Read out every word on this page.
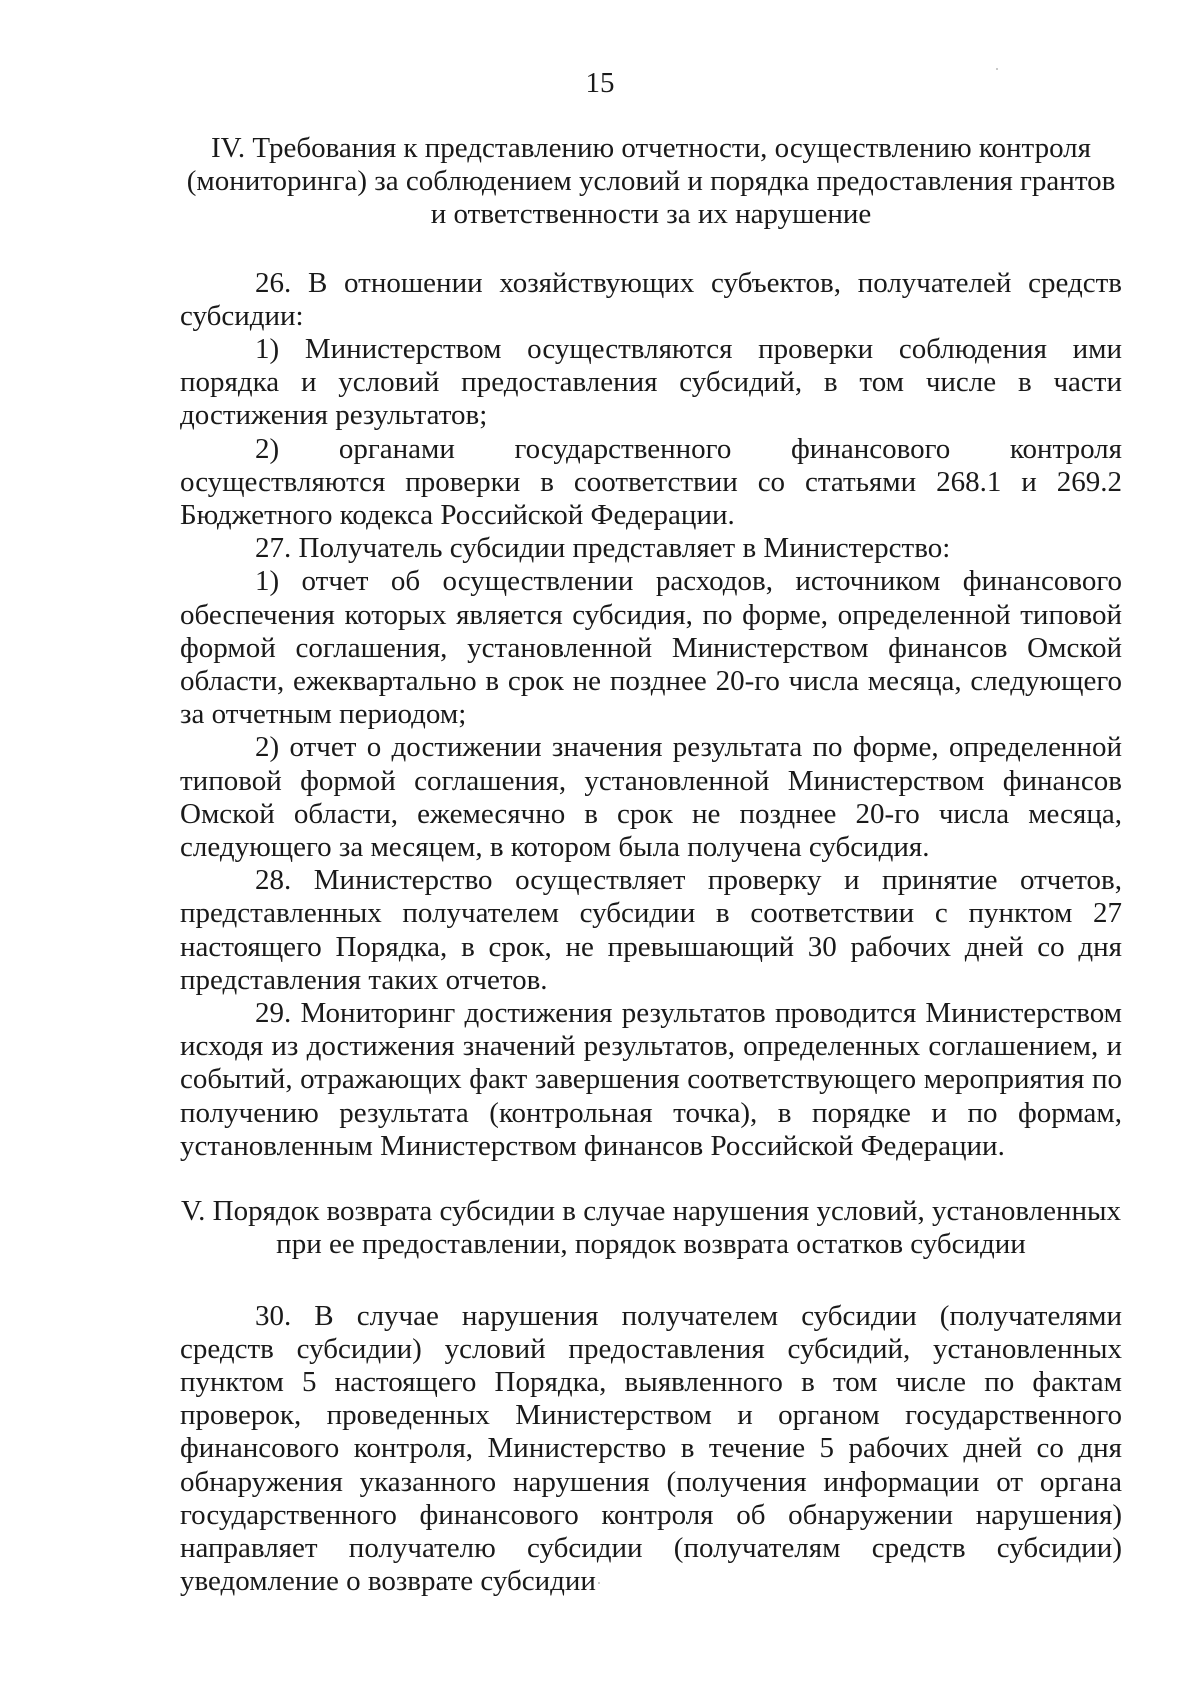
15

IV. Требования к представлению отчетности, осуществлению контроля (мониторинга) за соблюдением условий и порядка предоставления грантов и ответственности за их нарушение

26. В отношении хозяйствующих субъектов, получателей средств субсидии:

1) Министерством осуществляются проверки соблюдения ими порядка и условий предоставления субсидий, в том числе в части достижения результатов;

2) органами государственного финансового контроля осуществляются проверки в соответствии со статьями 268.1 и 269.2 Бюджетного кодекса Российской Федерации.

27. Получатель субсидии представляет в Министерство:

1) отчет об осуществлении расходов, источником финансового обеспечения которых является субсидия, по форме, определенной типовой формой соглашения, установленной Министерством финансов Омской области, ежеквартально в срок не позднее 20-го числа месяца, следующего за отчетным периодом;

2) отчет о достижении значения результата по форме, определенной типовой формой соглашения, установленной Министерством финансов Омской области, ежемесячно в срок не позднее 20-го числа месяца, следующего за месяцем, в котором была получена субсидия.

28. Министерство осуществляет проверку и принятие отчетов, представленных получателем субсидии в соответствии с пунктом 27 настоящего Порядка, в срок, не превышающий 30 рабочих дней со дня представления таких отчетов.

29. Мониторинг достижения результатов проводится Министерством исходя из достижения значений результатов, определенных соглашением, и событий, отражающих факт завершения соответствующего мероприятия по получению результата (контрольная точка), в порядке и по формам, установленным Министерством финансов Российской Федерации.

V. Порядок возврата субсидии в случае нарушения условий, установленных при ее предоставлении, порядок возврата остатков субсидии

30. В случае нарушения получателем субсидии (получателями средств субсидии) условий предоставления субсидий, установленных пунктом 5 настоящего Порядка, выявленного в том числе по фактам проверок, проведенных Министерством и органом государственного финансового контроля, Министерство в течение 5 рабочих дней со дня обнаружения указанного нарушения (получения информации от органа государственного финансового контроля об обнаружении нарушения) направляет получателю субсидии (получателям средств субсидии) уведомление о возврате субсидии
